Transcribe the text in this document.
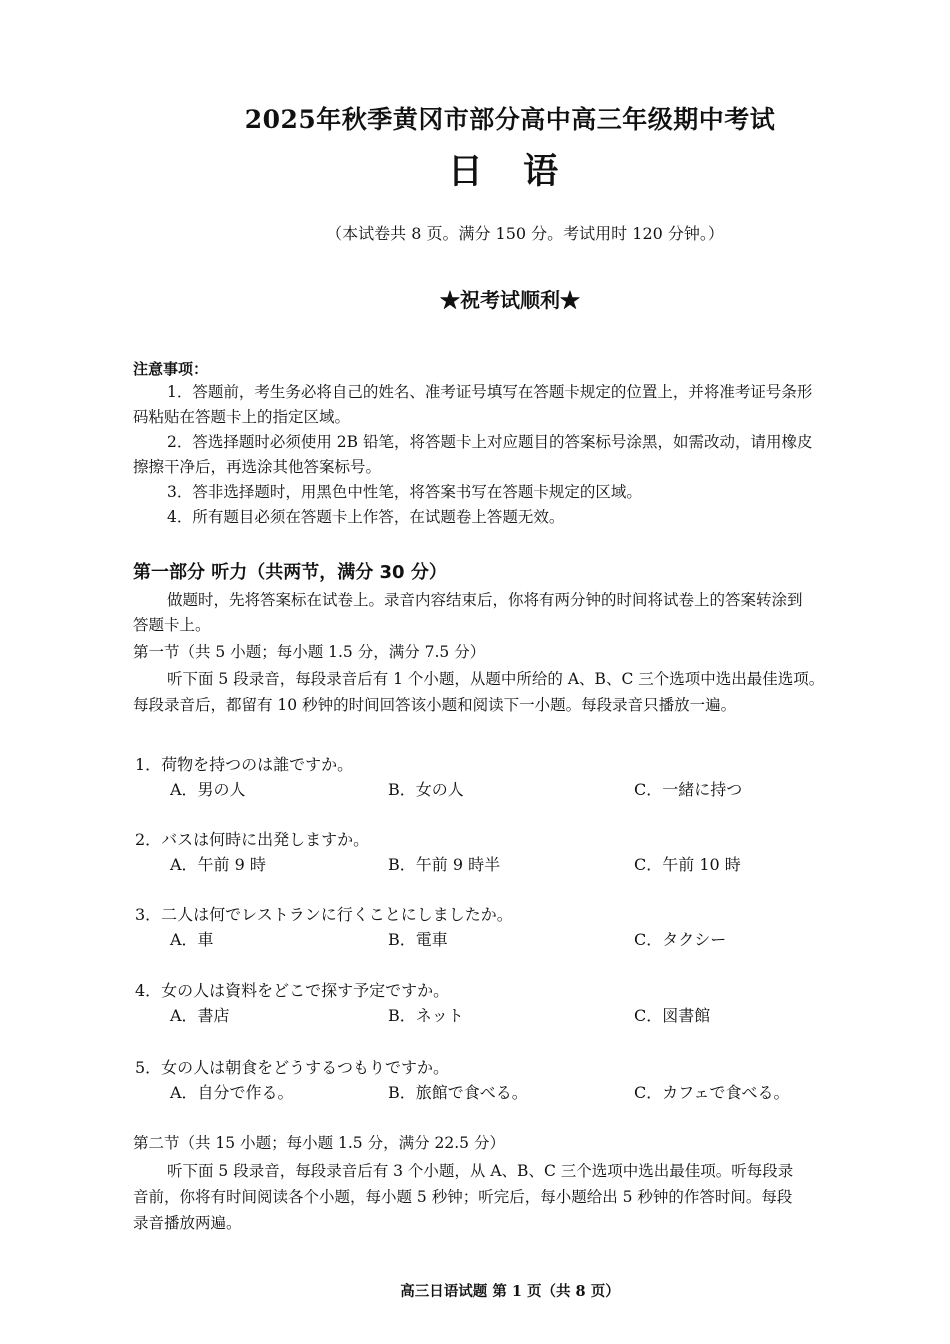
2025年秋季黄冈市部分高中高三年级期中考试
日 语
（本试卷共 8 页。满分 150 分。考试用时 120 分钟。）
★祝考试顺利★
注意事项：
1．答题前，考生务必将自己的姓名、准考证号填写在答题卡规定的位置上，并将准考证号条形
码粘贴在答题卡上的指定区域。
2．答选择题时必须使用 2B 铅笔，将答题卡上对应题目的答案标号涂黑，如需改动，请用橡皮
擦擦干净后，再选涂其他答案标号。
3．答非选择题时，用黑色中性笔，将答案书写在答题卡规定的区域。
4．所有题目必须在答题卡上作答，在试题卷上答题无效。
第一部分 听力（共两节，满分 30 分）
做题时，先将答案标在试卷上。录音内容结束后，你将有两分钟的时间将试卷上的答案转涂到
答题卡上。
第一节（共 5 小题；每小题 1.5 分，满分 7.5 分）
听下面 5 段录音，每段录音后有 1 个小题，从题中所给的 A、B、C 三个选项中选出最佳选项。
每段录音后，都留有 10 秒钟的时间回答该小题和阅读下一小题。每段录音只播放一遍。
1．荷物を持つのは誰ですか。
A．男の人	B．女の人	C．一緒に持つ
2．バスは何時に出発しますか。
A．午前 9 時	B．午前 9 時半	C．午前 10 時
3．二人は何でレストランに行くことにしましたか。
A．車	B．電車	C．タクシー
4．女の人は資料をどこで探す予定ですか。
A．書店	B．ネット	C．図書館
5．女の人は朝食をどうするつもりですか。
A．自分で作る。	B．旅館で食べる。	C．カフェで食べる。
第二节（共 15 小题；每小题 1.5 分，满分 22.5 分）
听下面 5 段录音，每段录音后有 3 个小题，从 A、B、C 三个选项中选出最佳项。听每段录
音前，你将有时间阅读各个小题，每小题 5 秒钟；听完后，每小题给出 5 秒钟的作答时间。每段
录音播放两遍。
高三日语试题 第 1 页（共 8 页）
